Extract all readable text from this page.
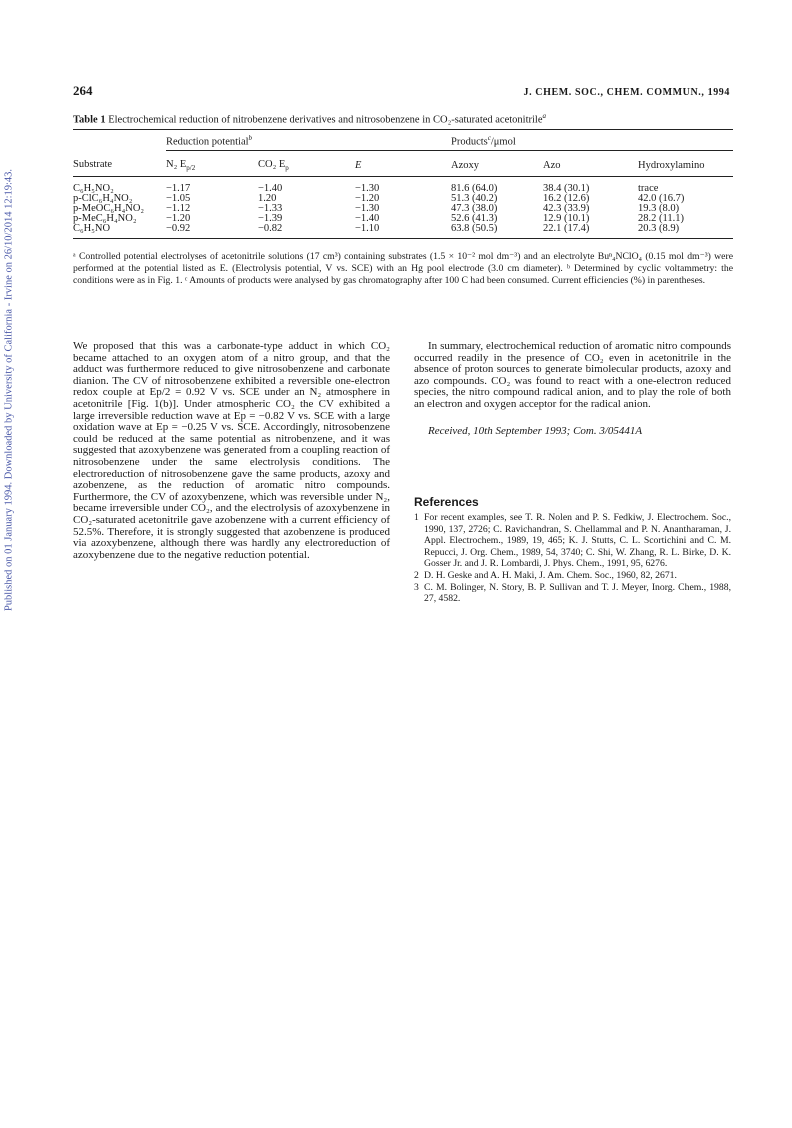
Published on 01 January 1994. Downloaded by University of California - Irvine on 26/10/2014 12:19:43.
264	J. CHEM. SOC., CHEM. COMMUN., 1994
Table 1 Electrochemical reduction of nitrobenzene derivatives and nitrosobenzene in CO₂-saturated acetonitrile$^a$
	Reduction potential$^b$			Products$^c$/μmol		
Substrate	N₂ $E_{p/2}$	CO₂ $E_p$	E	Azoxy	Azo	Hydroxylamino
C₆H₅NO₂	−1.17	−1.40	−1.30	81.6 (64.0)	38.4 (30.1)	trace
p-ClC₆H₄NO₂	−1.05	1.20	−1.20	51.3 (40.2)	16.2 (12.6)	42.0 (16.7)
p-MeOC₆H₄NO₂	−1.12	−1.33	−1.30	47.3 (38.0)	42.3 (33.9)	19.3 (8.0)
p-MeC₆H₄NO₂	−1.20	−1.39	−1.40	52.6 (41.3)	12.9 (10.1)	28.2 (11.1)
C₆H₅NO	−0.92	−0.82	−1.10	63.8 (50.5)	22.1 (17.4)	20.3 (8.9)
ᵃ Controlled potential electrolyses of acetonitrile solutions (17 cm³) containing substrates (1.5 × 10⁻² mol dm⁻³) and an electrolyte Buⁿ₄NClO₄ (0.15 mol dm⁻³) were performed at the potential listed as E. (Electrolysis potential, V vs. SCE) with an Hg pool electrode (3.0 cm diameter). ᵇ Determined by cyclic voltammetry: the conditions were as in Fig. 1. ᶜ Amounts of products were analysed by gas chromatography after 100 C had been consumed. Current efficiencies (%) in parentheses.

We proposed that this was a carbonate-type adduct in which CO₂ became attached to an oxygen atom of a nitro group, and that the adduct was furthermore reduced to give nitrosobenzene and carbonate dianion. The CV of nitrosobenzene exhibited a reversible one-electron redox couple at Ep/2 = 0.92 V vs. SCE under an N₂ atmosphere in acetonitrile [Fig. 1(b)]. Under atmospheric CO₂ the CV exhibited a large irreversible reduction wave at Ep = −0.82 V vs. SCE with a large oxidation wave at Ep = −0.25 V vs. SCE. Accordingly, nitrosobenzene could be reduced at the same potential as nitrobenzene, and it was suggested that azoxybenzene was generated from a coupling reaction of nitrosobenzene under the same electrolysis conditions. The electroreduction of nitrosobenzene gave the same products, azoxy and azobenzene, as the reduction of aromatic nitro compounds. Furthermore, the CV of azoxybenzene, which was reversible under N₂, became irreversible under CO₂, and the electrolysis of azoxybenzene in CO₂-saturated acetonitrile gave azobenzene with a current efficiency of 52.5%. Therefore, it is strongly suggested that azobenzene is produced via azoxybenzene, although there was hardly any electroreduction of azoxybenzene due to the negative reduction potential.

In summary, electrochemical reduction of aromatic nitro compounds occurred readily in the presence of CO₂ even in acetonitrile in the absence of proton sources to generate bimolecular products, azoxy and azo compounds. CO₂ was found to react with a one-electron reduced species, the nitro compound radical anion, and to play the role of both an electron and oxygen acceptor for the radical anion.

Received, 10th September 1993; Com. 3/05441A

References
1 For recent examples, see T. R. Nolen and P. S. Fedkiw, J. Electrochem. Soc., 1990, 137, 2726; C. Ravichandran, S. Chellammal and P. N. Anantharaman, J. Appl. Electrochem., 1989, 19, 465; K. J. Stutts, C. L. Scortichini and C. M. Repucci, J. Org. Chem., 1989, 54, 3740; C. Shi, W. Zhang, R. L. Birke, D. K. Gosser Jr. and J. R. Lombardi, J. Phys. Chem., 1991, 95, 6276.
2 D. H. Geske and A. H. Maki, J. Am. Chem. Soc., 1960, 82, 2671.
3 C. M. Bolinger, N. Story, B. P. Sullivan and T. J. Meyer, Inorg. Chem., 1988, 27, 4582.
